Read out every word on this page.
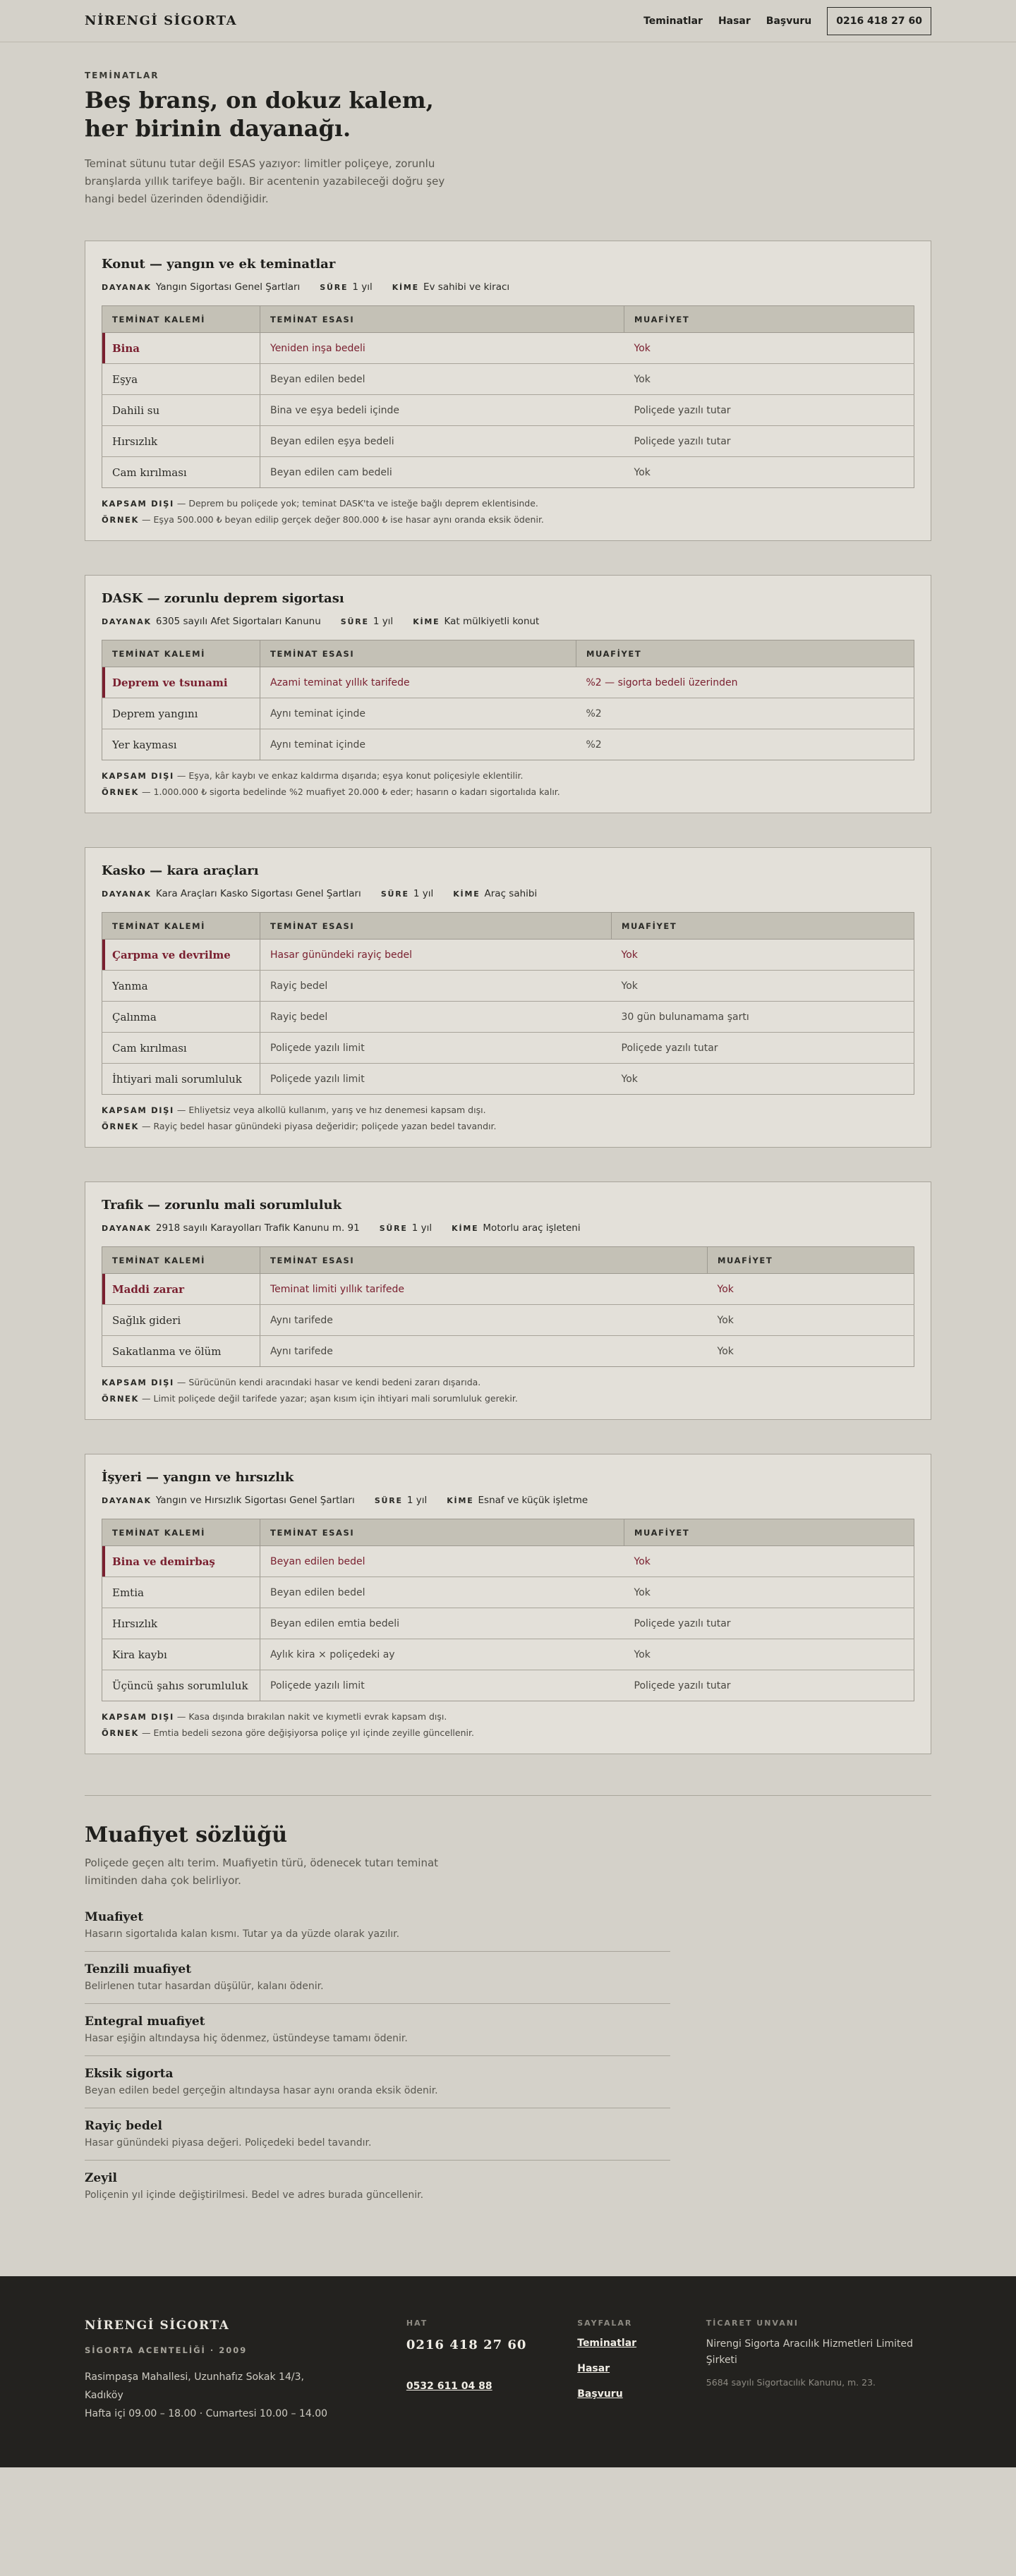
NİRENGİ SİGORTA	Teminatlar Hasar Başvuru	0216 418 27 60
TEMİNATLAR
Beş branş, on dokuz kalem,
her birinin dayanağı.

Teminat sütunu tutar değil ESAS yazıyor: limitler poliçeye, zorunlu branşlarda yıllık tarifeye bağlı. Bir acentenin yazabileceği doğru şey hangi bedel üzerinden ödendiğidir.

Konut — yangın ve ek teminatlar
DAYANAK Yangın Sigortası Genel Şartları	SÜRE 1 yıl	KİME Ev sahibi ve kiracı
TEMİNAT KALEMİ	TEMİNAT ESASI	MUAFİYET
Bina	Yeniden inşa bedeli	Yok
Eşya	Beyan edilen bedel	Yok
Dahili su	Bina ve eşya bedeli içinde	Poliçede yazılı tutar
Hırsızlık	Beyan edilen eşya bedeli	Poliçede yazılı tutar
Cam kırılması	Beyan edilen cam bedeli	Yok

KAPSAM DIŞI — Deprem bu poliçede yok; teminat DASK'ta ve isteğe bağlı deprem eklentisinde.

ÖRNEK — Eşya 500.000 ₺ beyan edilip gerçek değer 800.000 ₺ ise hasar aynı oranda eksik ödenir.

DASK — zorunlu deprem sigortası
DAYANAK 6305 sayılı Afet Sigortaları Kanunu	SÜRE 1 yıl	KİME Kat mülkiyetli konut
TEMİNAT KALEMİ	TEMİNAT ESASI	MUAFİYET
Deprem ve tsunami	Azami teminat yıllık tarifede	%2 — sigorta bedeli üzerinden
Deprem yangını	Aynı teminat içinde	%2
Yer kayması	Aynı teminat içinde	%2

KAPSAM DIŞI — Eşya, kâr kaybı ve enkaz kaldırma dışarıda; eşya konut poliçesiyle eklentilir.

ÖRNEK — 1.000.000 ₺ sigorta bedelinde %2 muafiyet 20.000 ₺ eder; hasarın o kadarı sigortalıda kalır.

Kasko — kara araçları
DAYANAK Kara Araçları Kasko Sigortası Genel Şartları	SÜRE 1 yıl	KİME Araç sahibi
TEMİNAT KALEMİ	TEMİNAT ESASI	MUAFİYET
Çarpma ve devrilme	Hasar günündeki rayiç bedel	Yok
Yanma	Rayiç bedel	Yok
Çalınma	Rayiç bedel	30 gün bulunamama şartı
Cam kırılması	Poliçede yazılı limit	Poliçede yazılı tutar
İhtiyari mali sorumluluk	Poliçede yazılı limit	Yok

KAPSAM DIŞI — Ehliyetsiz veya alkollü kullanım, yarış ve hız denemesi kapsam dışı.

ÖRNEK — Rayiç bedel hasar günündeki piyasa değeridir; poliçede yazan bedel tavandır.

Trafik — zorunlu mali sorumluluk
DAYANAK 2918 sayılı Karayolları Trafik Kanunu m. 91	SÜRE 1 yıl	KİME Motorlu araç işleteni
TEMİNAT KALEMİ	TEMİNAT ESASI	MUAFİYET
Maddi zarar	Teminat limiti yıllık tarifede	Yok
Sağlık gideri	Aynı tarifede	Yok
Sakatlanma ve ölüm	Aynı tarifede	Yok

KAPSAM DIŞI — Sürücünün kendi aracındaki hasar ve kendi bedeni zararı dışarıda.

ÖRNEK — Limit poliçede değil tarifede yazar; aşan kısım için ihtiyari mali sorumluluk gerekir.

İşyeri — yangın ve hırsızlık
DAYANAK Yangın ve Hırsızlık Sigortası Genel Şartları	SÜRE 1 yıl	KİME Esnaf ve küçük işletme
TEMİNAT KALEMİ	TEMİNAT ESASI	MUAFİYET
Bina ve demirbaş	Beyan edilen bedel	Yok
Emtia	Beyan edilen bedel	Yok
Hırsızlık	Beyan edilen emtia bedeli	Poliçede yazılı tutar
Kira kaybı	Aylık kira × poliçedeki ay	Yok
Üçüncü şahıs sorumluluk	Poliçede yazılı limit	Poliçede yazılı tutar

KAPSAM DIŞI — Kasa dışında bırakılan nakit ve kıymetli evrak kapsam dışı.

ÖRNEK — Emtia bedeli sezona göre değişiyorsa poliçe yıl içinde zeyille güncellenir.

Muafiyet sözlüğü

Poliçede geçen altı terim. Muafiyetin türü, ödenecek tutarı teminat limitinden daha çok belirliyor.

Muafiyet

Hasarın sigortalıda kalan kısmı. Tutar ya da yüzde olarak yazılır.

Tenzili muafiyet

Belirlenen tutar hasardan düşülür, kalanı ödenir.

Entegral muafiyet

Hasar eşiğin altındaysa hiç ödenmez, üstündeyse tamamı ödenir.

Eksik sigorta

Beyan edilen bedel gerçeğin altındaysa hasar aynı oranda eksik ödenir.

Rayiç bedel

Hasar günündeki piyasa değeri. Poliçedeki bedel tavandır.

Zeyil

Poliçenin yıl içinde değiştirilmesi. Bedel ve adres burada güncellenir.

NİRENGİ SİGORTA
SİGORTA ACENTELİĞİ · 2009
Rasimpaşa Mahallesi, Uzunhafız Sokak 14/3, Kadıköy
Hafta içi 09.00 – 18.00 · Cumartesi 10.00 – 14.00
HAT
0216 418 27 60
0532 611 04 88
SAYFALAR
Teminatlar
Hasar
Başvuru
TİCARET UNVANI
Nirengi Sigorta Aracılık Hizmetleri Limited Şirketi
5684 sayılı Sigortacılık Kanunu, m. 23.
